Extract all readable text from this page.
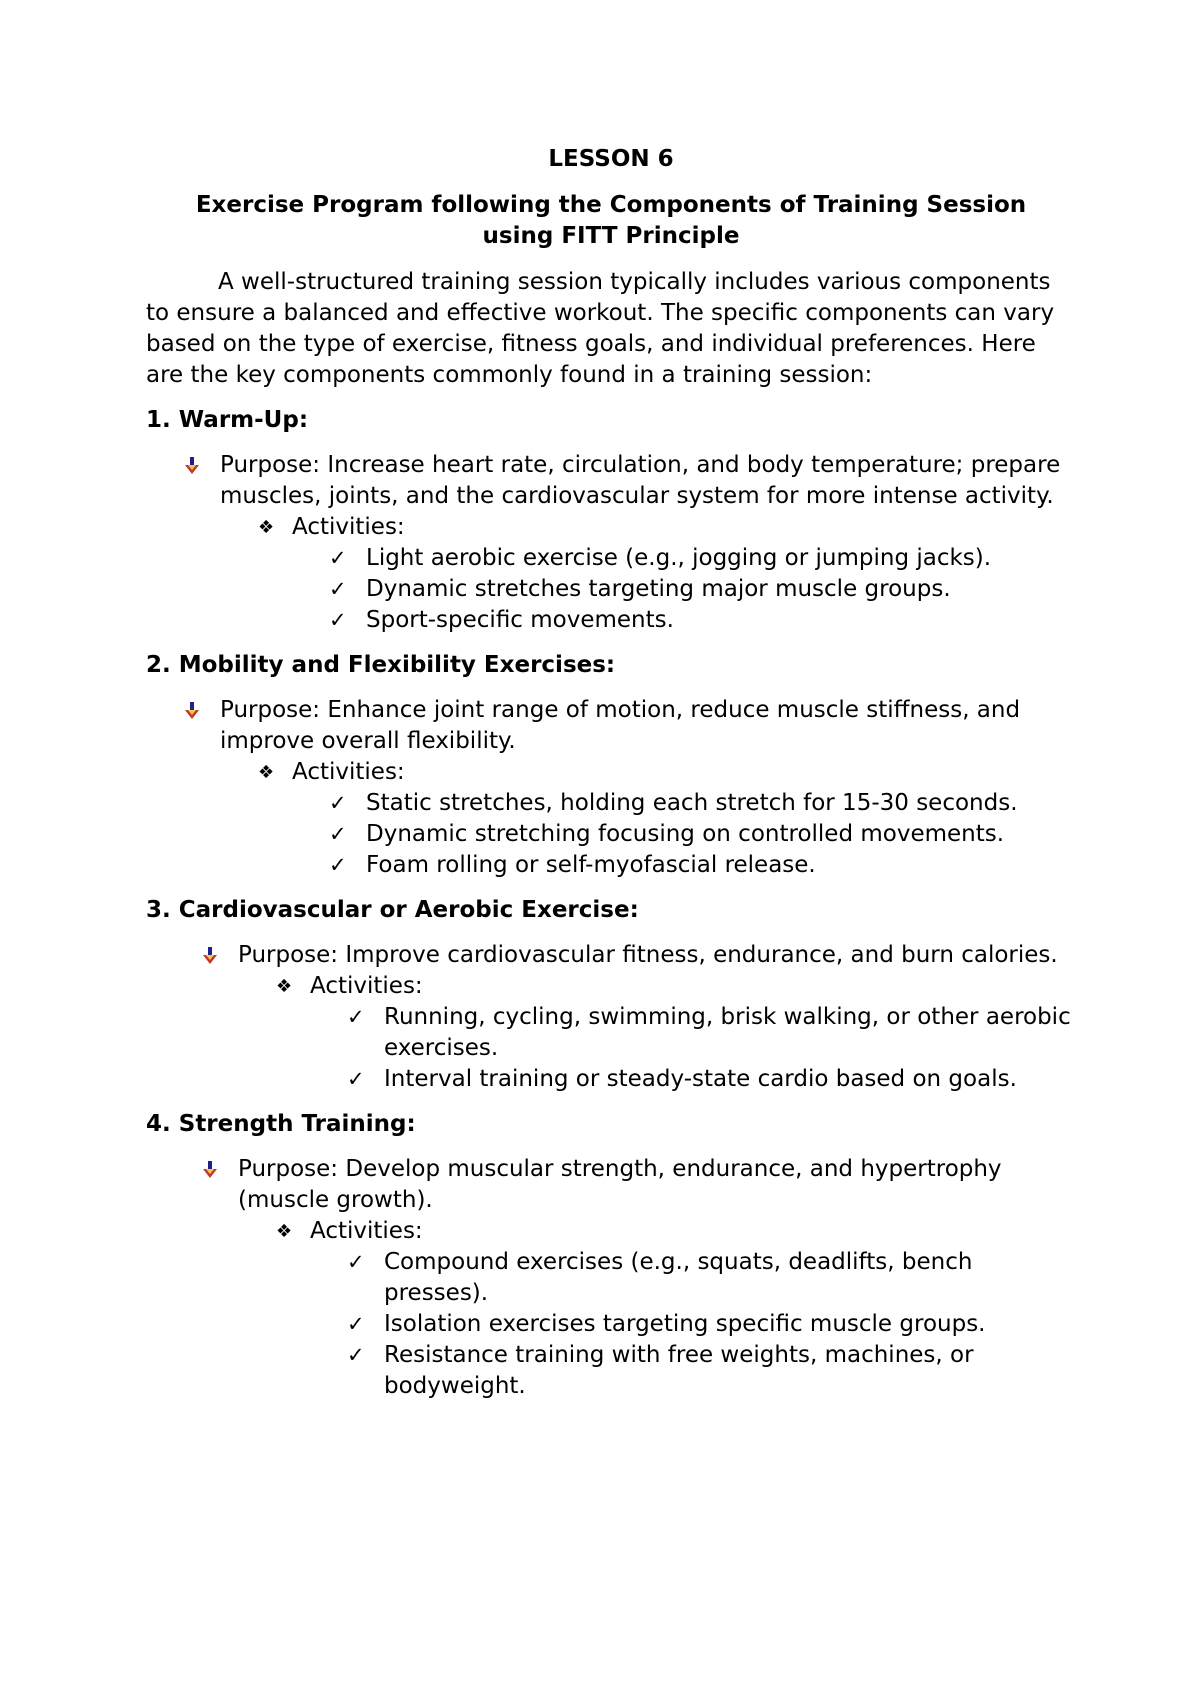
LESSON 6
Exercise Program following the Components of Training Session
using FITT Principle

A well-structured training session typically includes various components to ensure a balanced and effective workout. The specific components can vary based on the type of exercise, fitness goals, and individual preferences. Here are the key components commonly found in a training session:

1. Warm-Up:
Purpose: Increase heart rate, circulation, and body temperature; prepare muscles, joints, and the cardiovascular system for more intense activity.
❖ Activities:
✓ Light aerobic exercise (e.g., jogging or jumping jacks).
✓ Dynamic stretches targeting major muscle groups.
✓ Sport-specific movements.
2. Mobility and Flexibility Exercises:
Purpose: Enhance joint range of motion, reduce muscle stiffness, and improve overall flexibility.
❖ Activities:
✓ Static stretches, holding each stretch for 15-30 seconds.
✓ Dynamic stretching focusing on controlled movements.
✓ Foam rolling or self-myofascial release.
3. Cardiovascular or Aerobic Exercise:
Purpose: Improve cardiovascular fitness, endurance, and burn calories.
❖ Activities:
✓ Running, cycling, swimming, brisk walking, or other aerobic exercises.
✓ Interval training or steady-state cardio based on goals.
4. Strength Training:
Purpose: Develop muscular strength, endurance, and hypertrophy (muscle growth).
❖ Activities:
✓ Compound exercises (e.g., squats, deadlifts, bench presses).
✓ Isolation exercises targeting specific muscle groups.
✓ Resistance training with free weights, machines, or bodyweight.
